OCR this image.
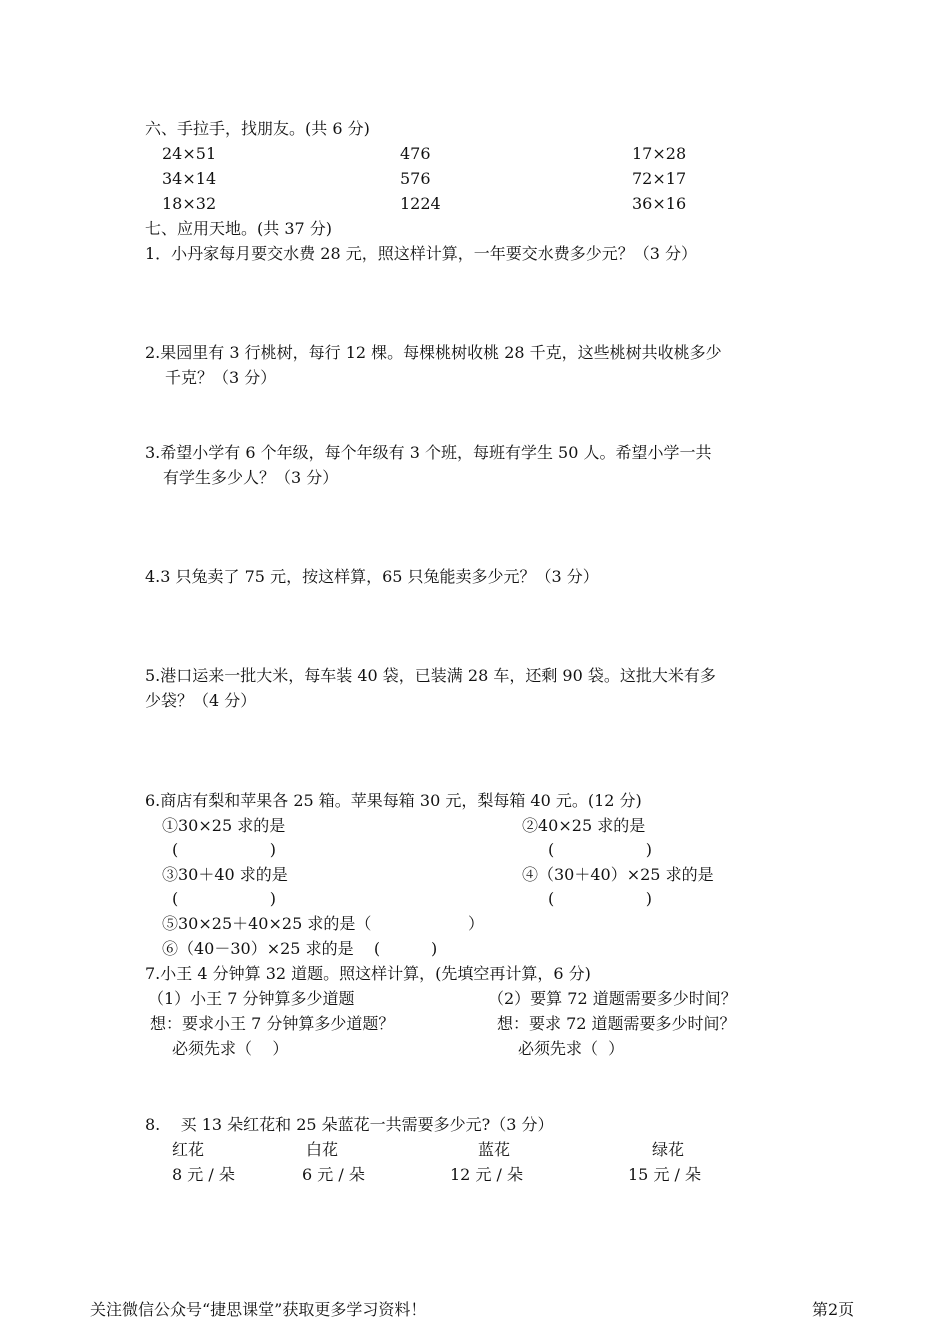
六、手拉手，找朋友。(共 6 分)
24×51	476	17×28
34×14	576	72×17
18×32	1224	36×16
七、应用天地。(共 37 分)
1．小丹家每月要交水费 28 元，照这样计算，一年要交水费多少元？（3 分）
2.果园里有 3 行桃树，每行 12 棵。每棵桃树收桃 28 千克，这些桃树共收桃多少
千克？（3 分）
3.希望小学有 6 个年级，每个年级有 3 个班，每班有学生 50 人。希望小学一共
有学生多少人？（3 分）
4.3 只兔卖了 75 元，按这样算，65 只兔能卖多少元？（3 分）
5.港口运来一批大米，每车装 40 袋，已装满 28 车，还剩 90 袋。这批大米有多
少袋？（4 分）
6.商店有梨和苹果各 25 箱。苹果每箱 30 元，梨每箱 40 元。(12 分)
①30×25 求的是	②40×25 求的是
(                  )	(                  )
③30＋40 求的是	④（30＋40）×25 求的是
(                  )	(                  )
⑤30×25＋40×25 求的是（                   ）
⑥（40－30）×25 求的是    (          )
7.小王 4 分钟算 32 道题。照这样计算，(先填空再计算，6 分)
（1）小王 7 分钟算多少道题	（2）要算 72 道题需要多少时间？
想：要求小王 7 分钟算多少道题？	想：要求 72 道题需要多少时间？
必须先求（    ）	必须先求（  ）
8.    买 13 朵红花和 25 朵蓝花一共需要多少元?（3 分）
红花	白花	蓝花	绿花
8 元 / 朵	6 元 / 朵	12 元 / 朵	15 元 / 朵
关注微信公众号“捷思课堂”获取更多学习资料！	第2页
